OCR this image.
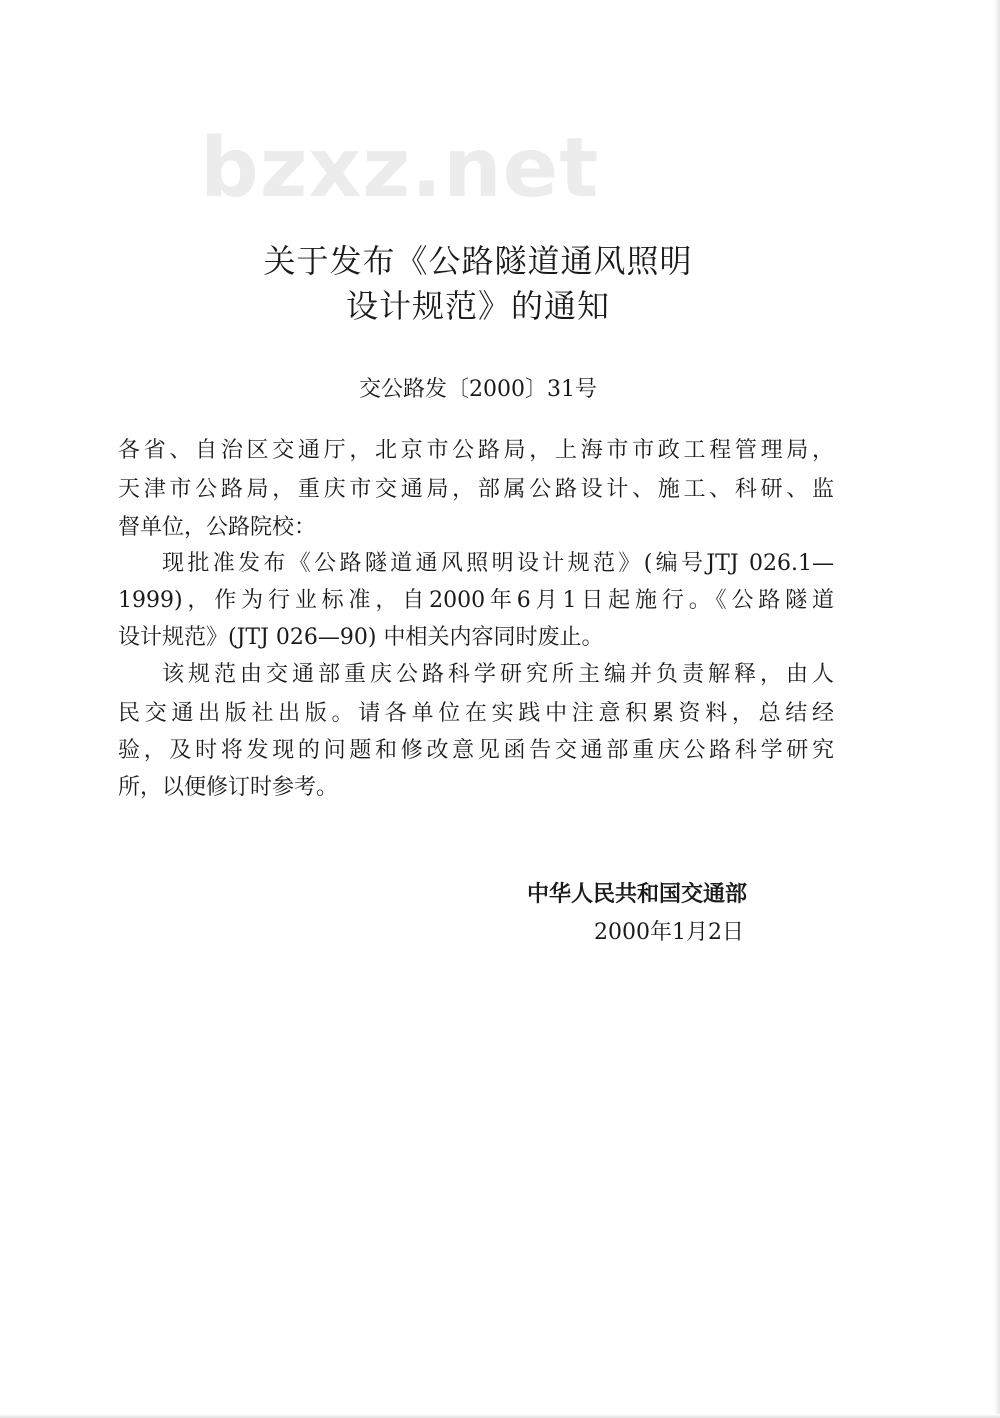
bzxz.net
关于发布《公路隧道通风照明
设计规范》的通知
交公路发〔2000〕31号
各省、自治区交通厅，北京市公路局，上海市市政工程管理局，
天津市公路局，重庆市交通局，部属公路设计、施工、科研、监
督单位，公路院校：
现批准发布《公路隧道通风照明设计规范》(编号JTJ 026.1—
1999)，作为行业标准，自2000年6月1日起施行。《公路隧道
设计规范》(JTJ 026—90) 中相关内容同时废止。
该规范由交通部重庆公路科学研究所主编并负责解释，由人
民交通出版社出版。请各单位在实践中注意积累资料，总结经
验，及时将发现的问题和修改意见函告交通部重庆公路科学研究
所，以便修订时参考。
中华人民共和国交通部
2000年1月2日
